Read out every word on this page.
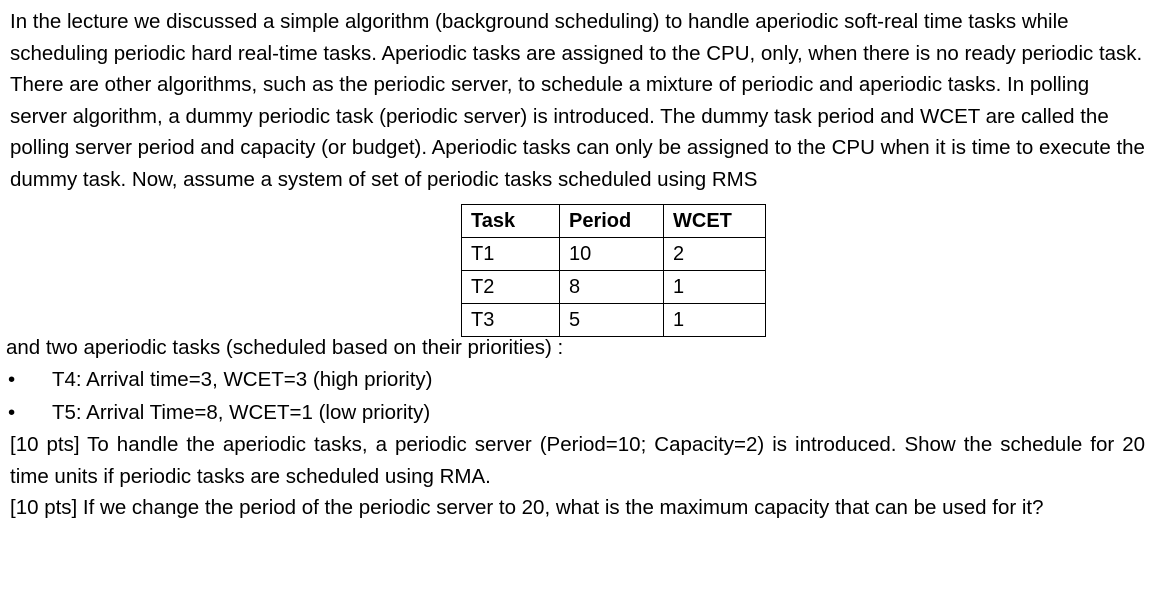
In the lecture we discussed a simple algorithm (background scheduling) to handle aperiodic soft-real time tasks while scheduling periodic hard real-time tasks. Aperiodic tasks are assigned to the CPU, only, when there is no ready periodic task. There are other algorithms, such as the periodic server, to schedule a mixture of periodic and aperiodic tasks. In polling server algorithm, a dummy periodic task (periodic server) is introduced. The dummy task period and WCET are called the polling server period and capacity (or budget). Aperiodic tasks can only be assigned to the CPU when it is time to execute the dummy task. Now, assume a system of set of periodic tasks scheduled using RMS

Task	Period	WCET
T1	10	2
T2	8	1
T3	5	1

and two aperiodic tasks (scheduled based on their priorities) :

• T4: Arrival time=3, WCET=3 (high priority)
• T5: Arrival Time=8, WCET=1 (low priority)

[10 pts] To handle the aperiodic tasks, a periodic server (Period=10; Capacity=2) is introduced. Show the schedule for 20 time units if periodic tasks are scheduled using RMA.

[10 pts] If we change the period of the periodic server to 20, what is the maximum capacity that can be used for it?
